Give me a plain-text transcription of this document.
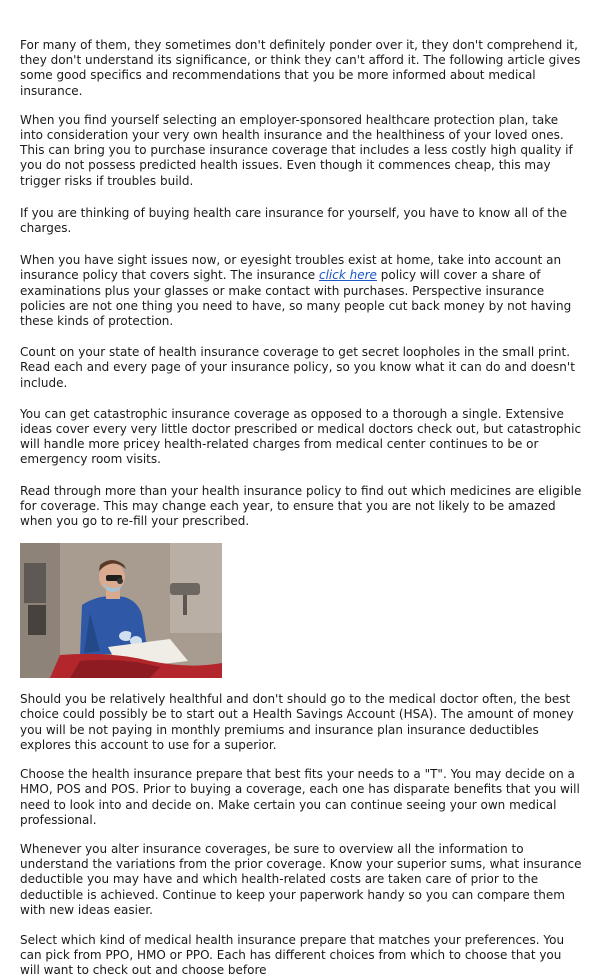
For many of them, they sometimes don't definitely ponder over it, they don't comprehend it, they don't understand its significance, or think they can't afford it. The following article gives some good specifics and recommendations that you be more informed about medical insurance.

When you find yourself selecting an employer-sponsored healthcare protection plan, take into consideration your very own health insurance and the healthiness of your loved ones. This can bring you to purchase insurance coverage that includes a less costly high quality if you do not possess predicted health issues. Even though it commences cheap, this may trigger risks if troubles build.

If you are thinking of buying health care insurance for yourself, you have to know all of the charges.

When you have sight issues now, or eyesight troubles exist at home, take into account an insurance policy that covers sight. The insurance click here policy will cover a share of examinations plus your glasses or make contact with purchases. Perspective insurance policies are not one thing you need to have, so many people cut back money by not having these kinds of protection.

Count on your state of health insurance coverage to get secret loopholes in the small print. Read each and every page of your insurance policy, so you know what it can do and doesn't include.

You can get catastrophic insurance coverage as opposed to a thorough a single. Extensive ideas cover every very little doctor prescribed or medical doctors check out, but catastrophic will handle more pricey health-related charges from medical center continues to be or emergency room visits.

Read through more than your health insurance policy to find out which medicines are eligible for coverage. This may change each year, to ensure that you are not likely to be amazed when you go to re-fill your prescribed.

Should you be relatively healthful and don't should go to the medical doctor often, the best choice could possibly be to start out a Health Savings Account (HSA). The amount of money you will be not paying in monthly premiums and insurance plan insurance deductibles explores this account to use for a superior.

Choose the health insurance prepare that best fits your needs to a "T". You may decide on a HMO, POS and POS. Prior to buying a coverage, each one has disparate benefits that you will need to look into and decide on. Make certain you can continue seeing your own medical professional.

Whenever you alter insurance coverages, be sure to overview all the information to understand the variations from the prior coverage. Know your superior sums, what insurance deductible you may have and which health-related costs are taken care of prior to the deductible is achieved. Continue to keep your paperwork handy so you can compare them with new ideas easier.

Select which kind of medical health insurance prepare that matches your preferences. You can pick from PPO, HMO or PPO. Each has different choices from which to choose that you will want to check out and choose before
